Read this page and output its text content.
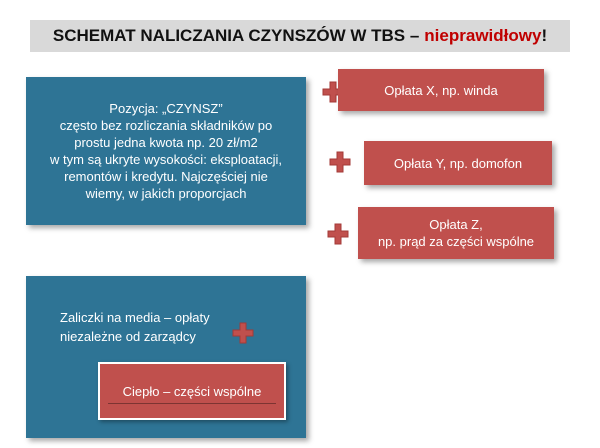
SCHEMAT NALICZANIA CZYNSZÓW W TBS – nieprawidłowy !
Pozycja: „CZYNSZ”
często bez rozliczania składników po
prostu jedna kwota np. 20 zł/m2
w tym są ukryte wysokości: eksploatacji,
remontów i kredytu. Najczęściej nie
wiemy, w jakich proporcjach
Opłata X, np. winda
Opłata Y, np. domofon
Opłata Z,
np. prąd za części wspólne
Zaliczki na media – opłaty
niezależne od zarządcy
Ciepło – części wspólne
